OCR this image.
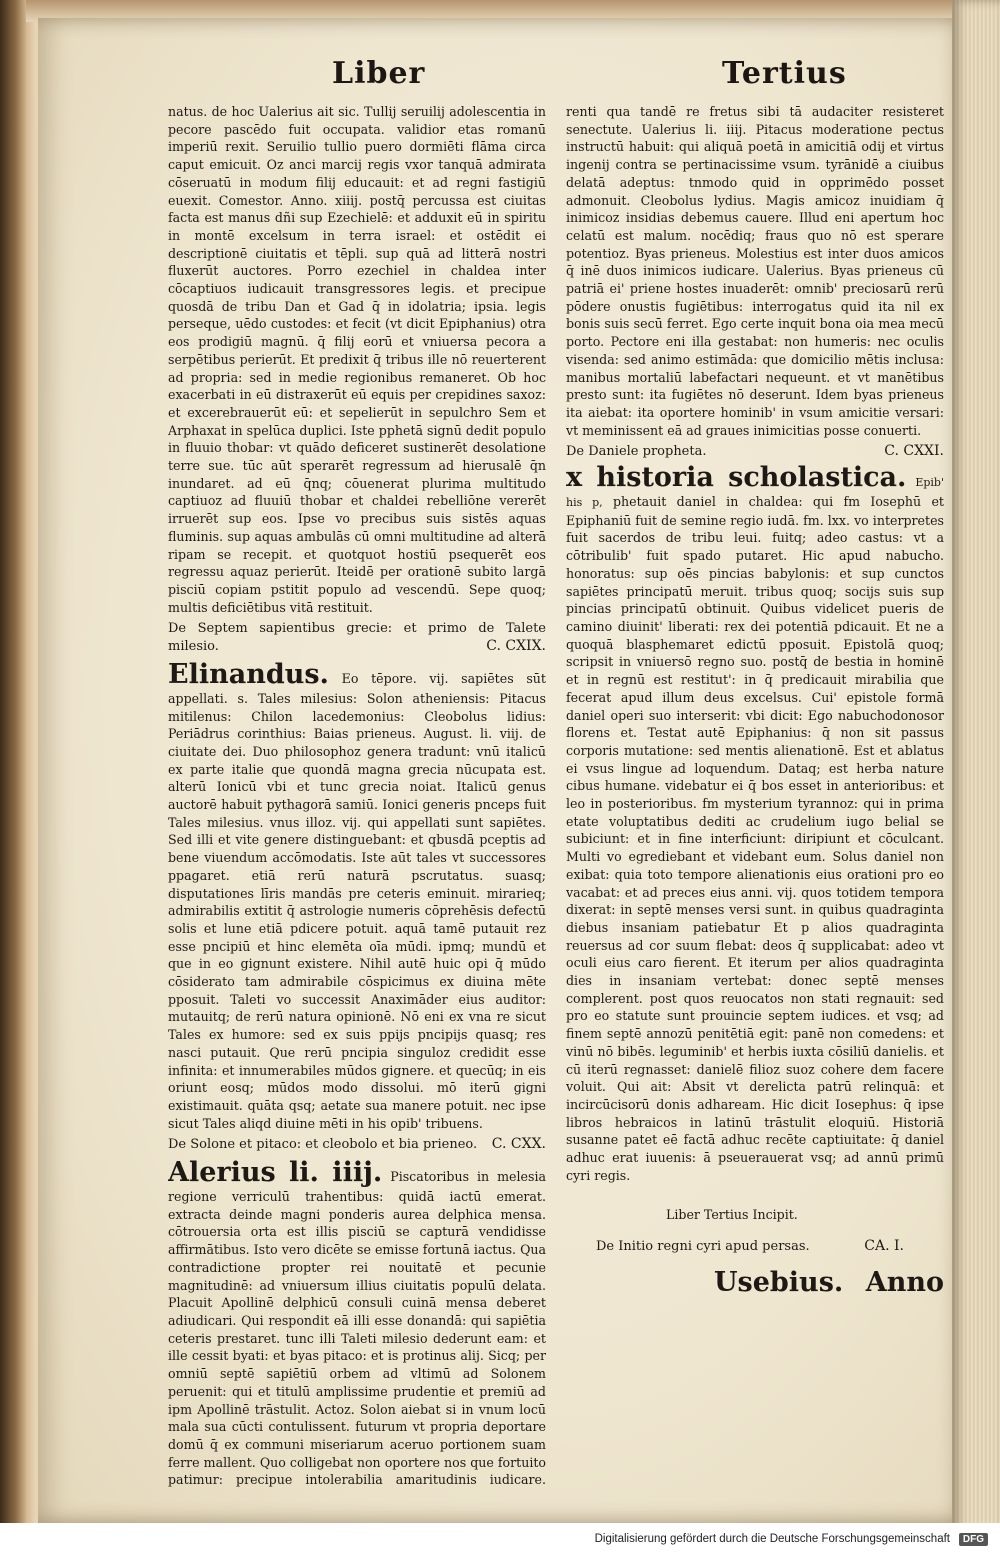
Liber	Tertius

natus. de hoc Ualerius ait sic. Tullij seruilij adolescentia in pecore pascēdo fuit occupata. validior etas romanū imperiū rexit. Seruilio tullio puero dormiēti flāma circa caput emicuit. Oz anci marcij regis vxor tanquā admirata cōseruatū in modum filij educauit: et ad regni fastigiū euexit. Comestor. Anno. xiiij. postq̄ percussa est ciuitas facta est manus dñi sup Ezechielē: et adduxit eū in spiritu in montē excelsum in terra israel: et ostēdit ei descriptionē ciuitatis et tēpli. sup quā ad litterā nostri fluxerūt auctores. Porro ezechiel in chaldea inter cōcaptiuos iudicauit transgressores legis. et precipue quosdā de tribu Dan et Gad q̄ in idolatria; ipsia. legis perseque, uēdo custodes: et fecit (vt dicit Epiphanius) otra eos prodigiū magnū. q̄ filij eorū et vniuersa pecora a serpētibus perierūt. Et predixit q̄ tribus ille nō reuerterent ad propria: sed in medie regionibus remaneret. Ob hoc exacerbati in eū distraxerūt eū equis per crepidines saxoz: et excerebrauerūt eū: et sepelierūt in sepulchro Sem et Arphaxat in spelūca duplici. Iste pphetā signū dedit populo in fluuio thobar: vt quādo deficeret sustinerēt desolatione terre sue. tūc aūt sperarēt regressum ad hierusalē q̄n inundaret. ad eū q̄nq; cōuenerat plurima multitudo captiuoz ad fluuiū thobar et chaldei rebelliōne vererēt irruerēt sup eos. Ipse vo precibus suis sistēs aquas fluminis. sup aquas ambulās cū omni multitudine ad alterā ripam se recepit. et quotquot hostiū psequerēt eos regressu aquaz perierūt. Iteidē per orationē subito largā pisciū copiam pstitit populo ad vescendū. Sepe quoq; multis deficiētibus vitā restituit.

De Septem sapientibus grecie: et primo de Talete milesio.	C. CXIX.

Elinandus. Eo tēpore. vij. sapiētes sūt appellati. s. Tales milesius: Solon atheniensis: Pitacus mitilenus: Chilon lacedemonius: Cleobolus lidius: Periādrus corinthius: Baias prieneus. August. li. viij. de ciuitate dei. Duo philosophoz genera tradunt: vnū italicū ex parte italie que quondā magna grecia nūcupata est. alterū Ionicū vbi et tunc grecia noiat. Italicū genus auctorē habuit pythagorā samiū. Ionici generis pnceps fuit Tales milesius. vnus illoz. vij. qui appellati sunt sapiētes. Sed illi et vite genere distinguebant: et qbusdā pceptis ad bene viuendum accōmodatis. Iste aūt tales vt successores ppagaret. etiā rerū naturā pscrutatus. suasq; disputationes līris mandās pre ceteris eminuit. mirarieq; admirabilis extitit q̄ astrologie numeris cōprehēsis defectū solis et lune etiā pdicere potuit. aquā tamē putauit rez esse pncipiū et hinc elemēta oīa mūdi. ipmq; mundū et que in eo gignunt existere. Nihil autē huic opi q̄ mūdo cōsiderato tam admirabile cōspicimus ex diuina mēte pposuit. Taleti vo successit Anaximāder eius auditor: mutauitq; de rerū natura opinionē. Nō eni ex vna re sicut Tales ex humore: sed ex suis ppijs pncipijs quasq; res nasci putauit. Que rerū pncipia singuloz credidit esse infinita: et innumerabiles mūdos gignere. et quecūq; in eis oriunt eosq; mūdos modo dissolui. mō iterū gigni existimauit. quāta qsq; aetate sua manere potuit. nec ipse sicut Tales aliqd diuine mēti in his opib' tribuens.

De Solone et pitaco: et cleobolo et bia prieneo. C. CXX.

Alerius li. iiij. Piscatoribus in melesia regione verriculū trahentibus: quidā iactū emerat. extracta deinde magni ponderis aurea delphica mensa. cōtrouersia orta est illis pisciū se capturā vendidisse affirmātibus. Isto vero dicēte se emisse fortunā iactus. Qua contradictione propter rei nouitatē et pecunie magnitudinē: ad vniuersum illius ciuitatis populū delata. Placuit Apollinē delphicū consuli cuinā mensa deberet adiudicari. Qui respondit eā illi esse donandā: qui sapiētia ceteris prestaret. tunc illi Taleti milesio dederunt eam: et ille cessit byati: et byas pitaco: et is protinus alij. Sicq; per omniū septē sapiētiū orbem ad vltimū ad Solonem peruenit: qui et titulū amplissime prudentie et premiū ad ipm Apollinē trāstulit. Actoz. Solon aiebat si in vnum locū mala sua cūcti contulissent. futurum vt propria deportare domū q̄ ex communi miseriarum aceruo portionem suam ferre mallent. Quo colligebat non oportere nos que fortuito patimur: precipue intolerabilia amaritudinis iudicare.

renti qua tandē re fretus sibi tā audaciter resisteret senectute. Ualerius li. iiij. Pitacus moderatione pectus instructū habuit: qui aliquā poetā in amicitiā odij et virtus ingenij contra se pertinacissime vsum. tyrānidē a ciuibus delatā adeptus: tnmodo quid in opprimēdo posset admonuit. Cleobolus lydius. Magis amicoz inuidiam q̄ inimicoz insidias debemus cauere. Illud eni apertum hoc celatū est malum. nocēdiq; fraus quo nō est sperare potentioz. Byas prieneus. Molestius est inter duos amicos q̄ inē duos inimicos iudicare. Ualerius. Byas prieneus cū patriā ei' priene hostes inuaderēt: omnib' preciosarū rerū pōdere onustis fugiētibus: interrogatus quid ita nil ex bonis suis secū ferret. Ego certe inquit bona oia mea mecū porto. Pectore eni illa gestabat: non humeris: nec oculis visenda: sed animo estimāda: que domicilio mētis inclusa: manibus mortaliū labefactari nequeunt. et vt manētibus presto sunt: ita fugiētes nō deserunt. Idem byas prieneus ita aiebat: ita oportere hominib' in vsum amicitie versari: vt meminissent eā ad graues inimicitias posse conuerti.

De Daniele propheta.	C. CXXI.

x historia scholastica. Epib' his p, phetauit daniel in chaldea: qui fm Iosephū et Epiphaniū fuit de semine regio iudā. fm. lxx. vo interpretes fuit sacerdos de tribu leui. fuitq; adeo castus: vt a cōtribulib' fuit spado putaret. Hic apud nabucho. honoratus: sup oēs pincias babylonis: et sup cunctos sapiētes principatū meruit. tribus quoq; socijs suis sup pincias principatū obtinuit. Quibus videlicet pueris de camino diuinit' liberati: rex dei potentiā pdicauit. Et ne a quoquā blasphemaret edictū pposuit. Epistolā quoq; scripsit in vniuersō regno suo. postq̄ de bestia in hominē et in regnū est restitut': in q̄ predicauit mirabilia que fecerat apud illum deus excelsus. Cui' epistole formā daniel operi suo interserit: vbi dicit: Ego nabuchodonosor florens et. Testat autē Epiphanius: q̄ non sit passus corporis mutatione: sed mentis alienationē. Est et ablatus ei vsus lingue ad loquendum. Dataq; est herba nature cibus humane. videbatur ei q̄ bos esset in anterioribus: et leo in posterioribus. fm mysterium tyrannoz: qui in prima etate voluptatibus dediti ac crudelium iugo belial se subiciunt: et in fine interficiunt: diripiunt et cōculcant. Multi vo egrediebant et videbant eum. Solus daniel non exibat: quia toto tempore alienationis eius orationi pro eo vacabat: et ad preces eius anni. vij. quos totidem tempora dixerat: in septē menses versi sunt. in quibus quadraginta diebus insaniam patiebatur Et p alios quadraginta reuersus ad cor suum flebat: deos q̄ supplicabat: adeo vt oculi eius caro fierent. Et iterum per alios quadraginta dies in insaniam vertebat: donec septē menses complerent. post quos reuocatos non stati regnauit: sed pro eo statute sunt prouincie septem iudices. et vsq; ad finem septē annozū penitētiā egit: panē non comedens: et vinū nō bibēs. leguminib' et herbis iuxta cōsiliū danielis. et cū iterū regnasset: danielē filioz suoz cohere dem facere voluit. Qui ait: Absit vt derelicta patrū relinquā: et incircūcisorū donis adhaream. Hic dicit Iosephus: q̄ ipse libros hebraicos in latinū trāstulit eloquiū. Historiā susanne patet eē factā adhuc recēte captiuitate: q̄ daniel adhuc erat iuuenis: ā pseuerauerat vsq; ad annū primū cyri regis.

Liber Tertius Incipit.

De Initio regni cyri apud persas.	CA. I.

Usebius. Anno

Digitalisierung gefördert durch die Deutsche Forschungsgemeinschaft	DFG
